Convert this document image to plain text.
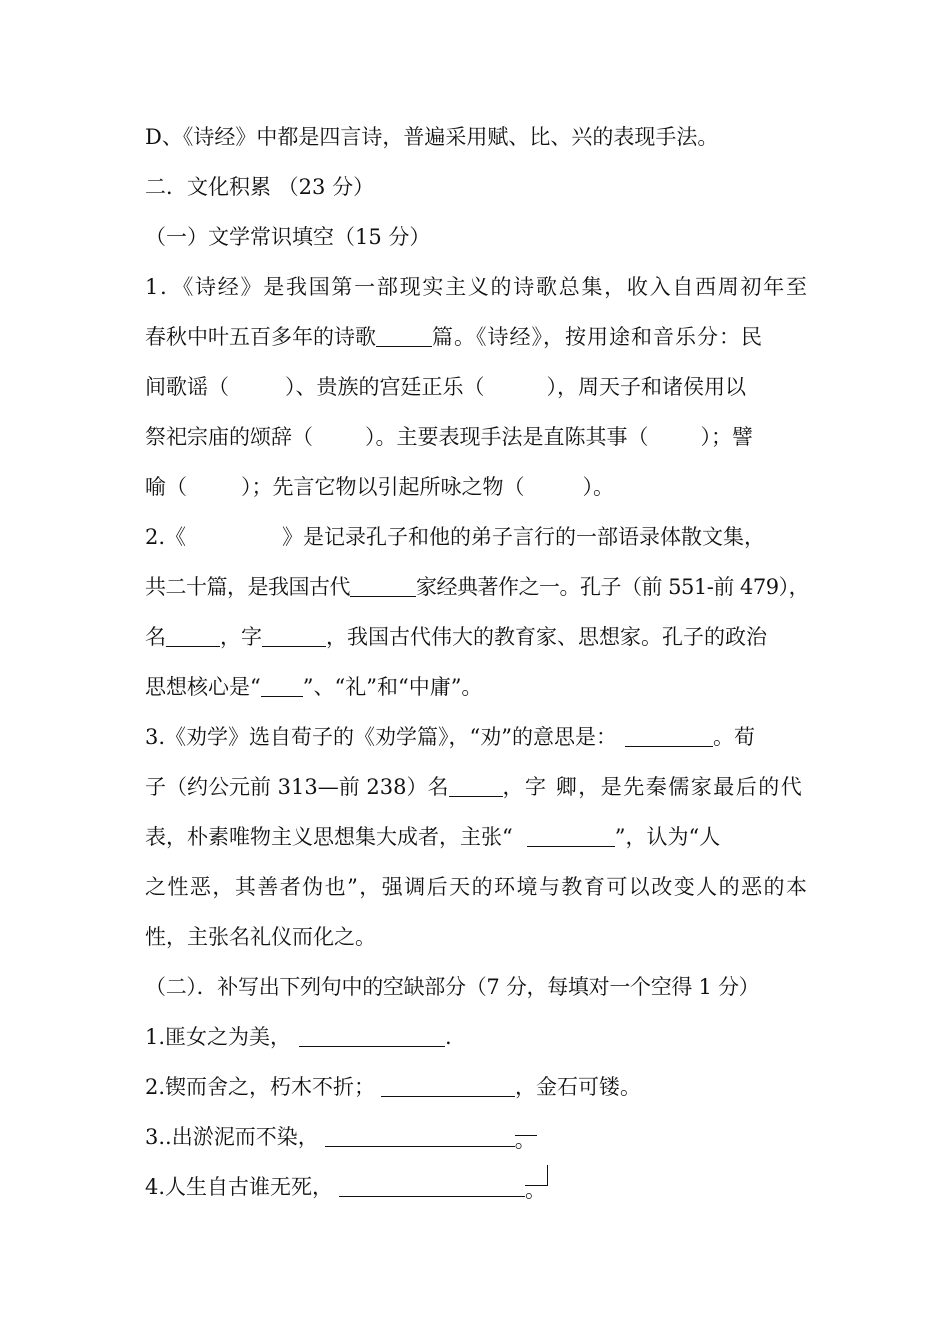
D、《诗经》中都是四言诗，普遍采用赋、比、兴的表现手法。
二．文化积累 （23 分）
（一）文学常识填空（15 分）
1．《诗经》是我国第一部现实主义的诗歌总集，收入自西周初年至
春秋中叶五百多年的诗歌	篇。《诗经》，按用途和音乐分：民
间歌谣（	）、贵族的宫廷正乐（	），周天子和诸侯用以
祭祀宗庙的颂辞（ ）。主要表现手法是直陈其事（ ）；譬
喻（	）；先言它物以引起所咏之物（	）。
2.《	》是记录孔子和他的弟子言行的一部语录体散文集，
共二十篇，是我国古代	家经典著作之一。孔子（前 551-前 479），
名	，字	，我国古代伟大的教育家、思想家。孔子的政治
思想核心是“ ”、“礼”和“中庸”。
3.《劝学》选自荀子的《劝学篇》，“劝”的意思是：	。荀
子（约公元前 313—前 238）名	，字 卿，是先秦儒家最后的代
表，朴素唯物主义思想集大成者，主张“	”，认为“人
之性恶，其善者伪也”，强调后天的环境与教育可以改变人的恶的本
性，主张名礼仪而化之。
（二）．补写出下列句中的空缺部分（7 分，每填对一个空得 1 分）
1.匪女之为美，	.
2.锲而舍之，朽木不折；	，金石可镂。
3..出淤泥而不染，	。
4.人生自古谁无死，	。
